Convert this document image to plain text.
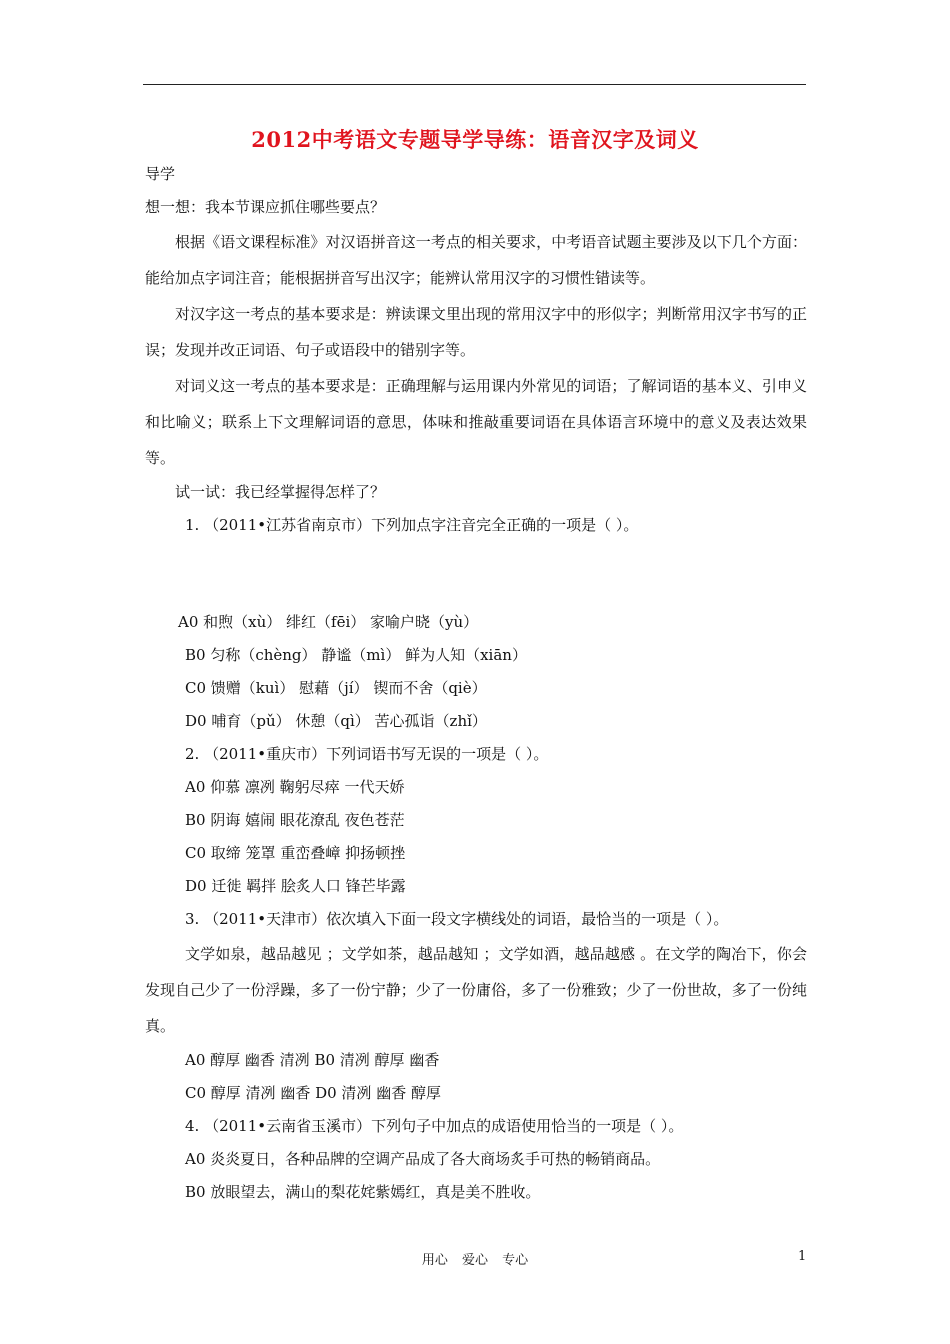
2012中考语文专题导学导练：语音汉字及词义
导学
想一想：我本节课应抓住哪些要点？
根据《语文课程标准》对汉语拼音这一考点的相关要求，中考语音试题主要涉及以下几个方面：能给加点字词注音；能根据拼音写出汉字；能辨认常用汉字的习惯性错读等。
对汉字这一考点的基本要求是：辨读课文里出现的常用汉字中的形似字；判断常用汉字书写的正误；发现并改正词语、句子或语段中的错别字等。
对词义这一考点的基本要求是：正确理解与运用课内外常见的词语；了解词语的基本义、引申义和比喻义；联系上下文理解词语的意思，体味和推敲重要词语在具体语言环境中的意义及表达效果等。
试一试：我已经掌握得怎样了？
1. （2011•江苏省南京市）下列加点字注音完全正确的一项是（ ）。
A0 和煦（xù） 绯红（fēi） 家喻户晓（yù）
B0 匀称（chèng） 静谧（mì） 鲜为人知（xiān）
C0 馈赠（kuì） 慰藉（jí） 锲而不舍（qiè）
D0 哺育（pǔ） 休憩（qì） 苦心孤诣（zhǐ）
2. （2011•重庆市）下列词语书写无误的一项是（ ）。
A0 仰慕 凛冽 鞠躬尽瘁 一代天娇
B0 阴诲 嬉闹 眼花潦乱 夜色苍茫
C0 取缔 笼罩 重峦叠嶂 抑扬顿挫
D0 迁徙 羁拌 脍炙人口 锋芒毕露
3. （2011•天津市）依次填入下面一段文字横线处的词语，最恰当的一项是（ ）。
文学如泉，越品越见 ；文学如茶，越品越知 ；文学如酒，越品越感 。在文学的陶冶下，你会发现自己少了一份浮躁，多了一份宁静；少了一份庸俗，多了一份雅致；少了一份世故，多了一份纯真。
A0 醇厚 幽香 清冽 B0 清冽 醇厚 幽香
C0 醇厚 清冽 幽香 D0 清冽 幽香 醇厚
4. （2011•云南省玉溪市）下列句子中加点的成语使用恰当的一项是（ ）。
A0 炎炎夏日，各种品牌的空调产品成了各大商场炙手可热的畅销商品。
B0 放眼望去，满山的梨花姹紫嫣红，真是美不胜收。
用心 爱心 专心	1
